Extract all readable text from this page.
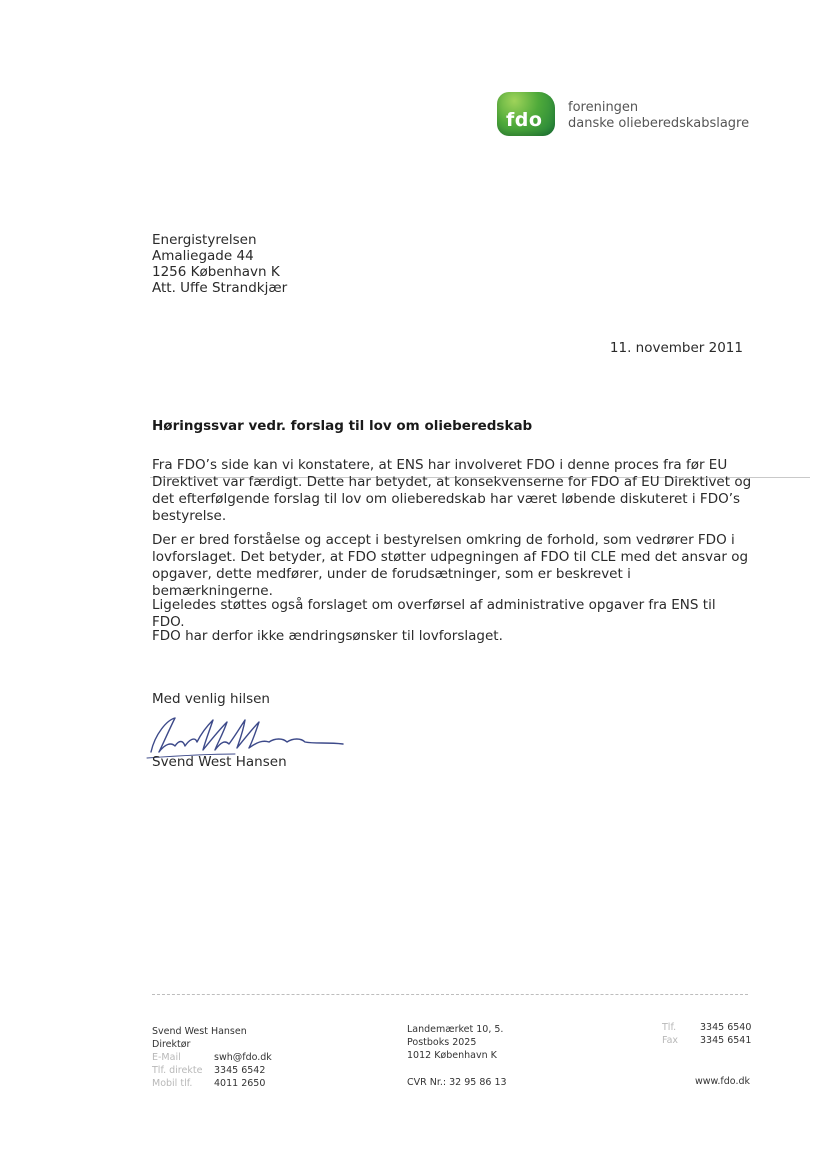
fdo
foreningen
danske olieberedskabslagre
Energistyrelsen
Amaliegade 44
1256 København K
Att. Uffe Strandkjær
11. november 2011
Høringssvar vedr. forslag til lov om olieberedskab
Fra FDO’s side kan vi konstatere, at ENS har involveret FDO i denne proces fra før EU Direktivet var færdigt. Dette har betydet, at konsekvenserne for FDO af EU Direktivet og det efterfølgende forslag til lov om olieberedskab har været løbende diskuteret i FDO’s bestyrelse.
Der er bred forståelse og accept i bestyrelsen omkring de forhold, som vedrører FDO i lovforslaget. Det betyder, at FDO støtter udpegningen af FDO til CLE med det ansvar og opgaver, dette medfører, under de forudsætninger, som er beskrevet i bemærkningerne.
Ligeledes støttes også forslaget om overførsel af administrative opgaver fra ENS til FDO.
FDO har derfor ikke ændringsønsker til lovforslaget.
Med venlig hilsen
Svend West Hansen
Svend West Hansen
Direktør
E-Mail	swh@fdo.dk
Tlf. direkte	3345 6542
Mobil tlf.	4011 2650
Landemærket 10, 5.
Postboks 2025
1012 København K
CVR Nr.: 32 95 86 13
Tlf.	3345 6540
Fax	3345 6541
www.fdo.dk
